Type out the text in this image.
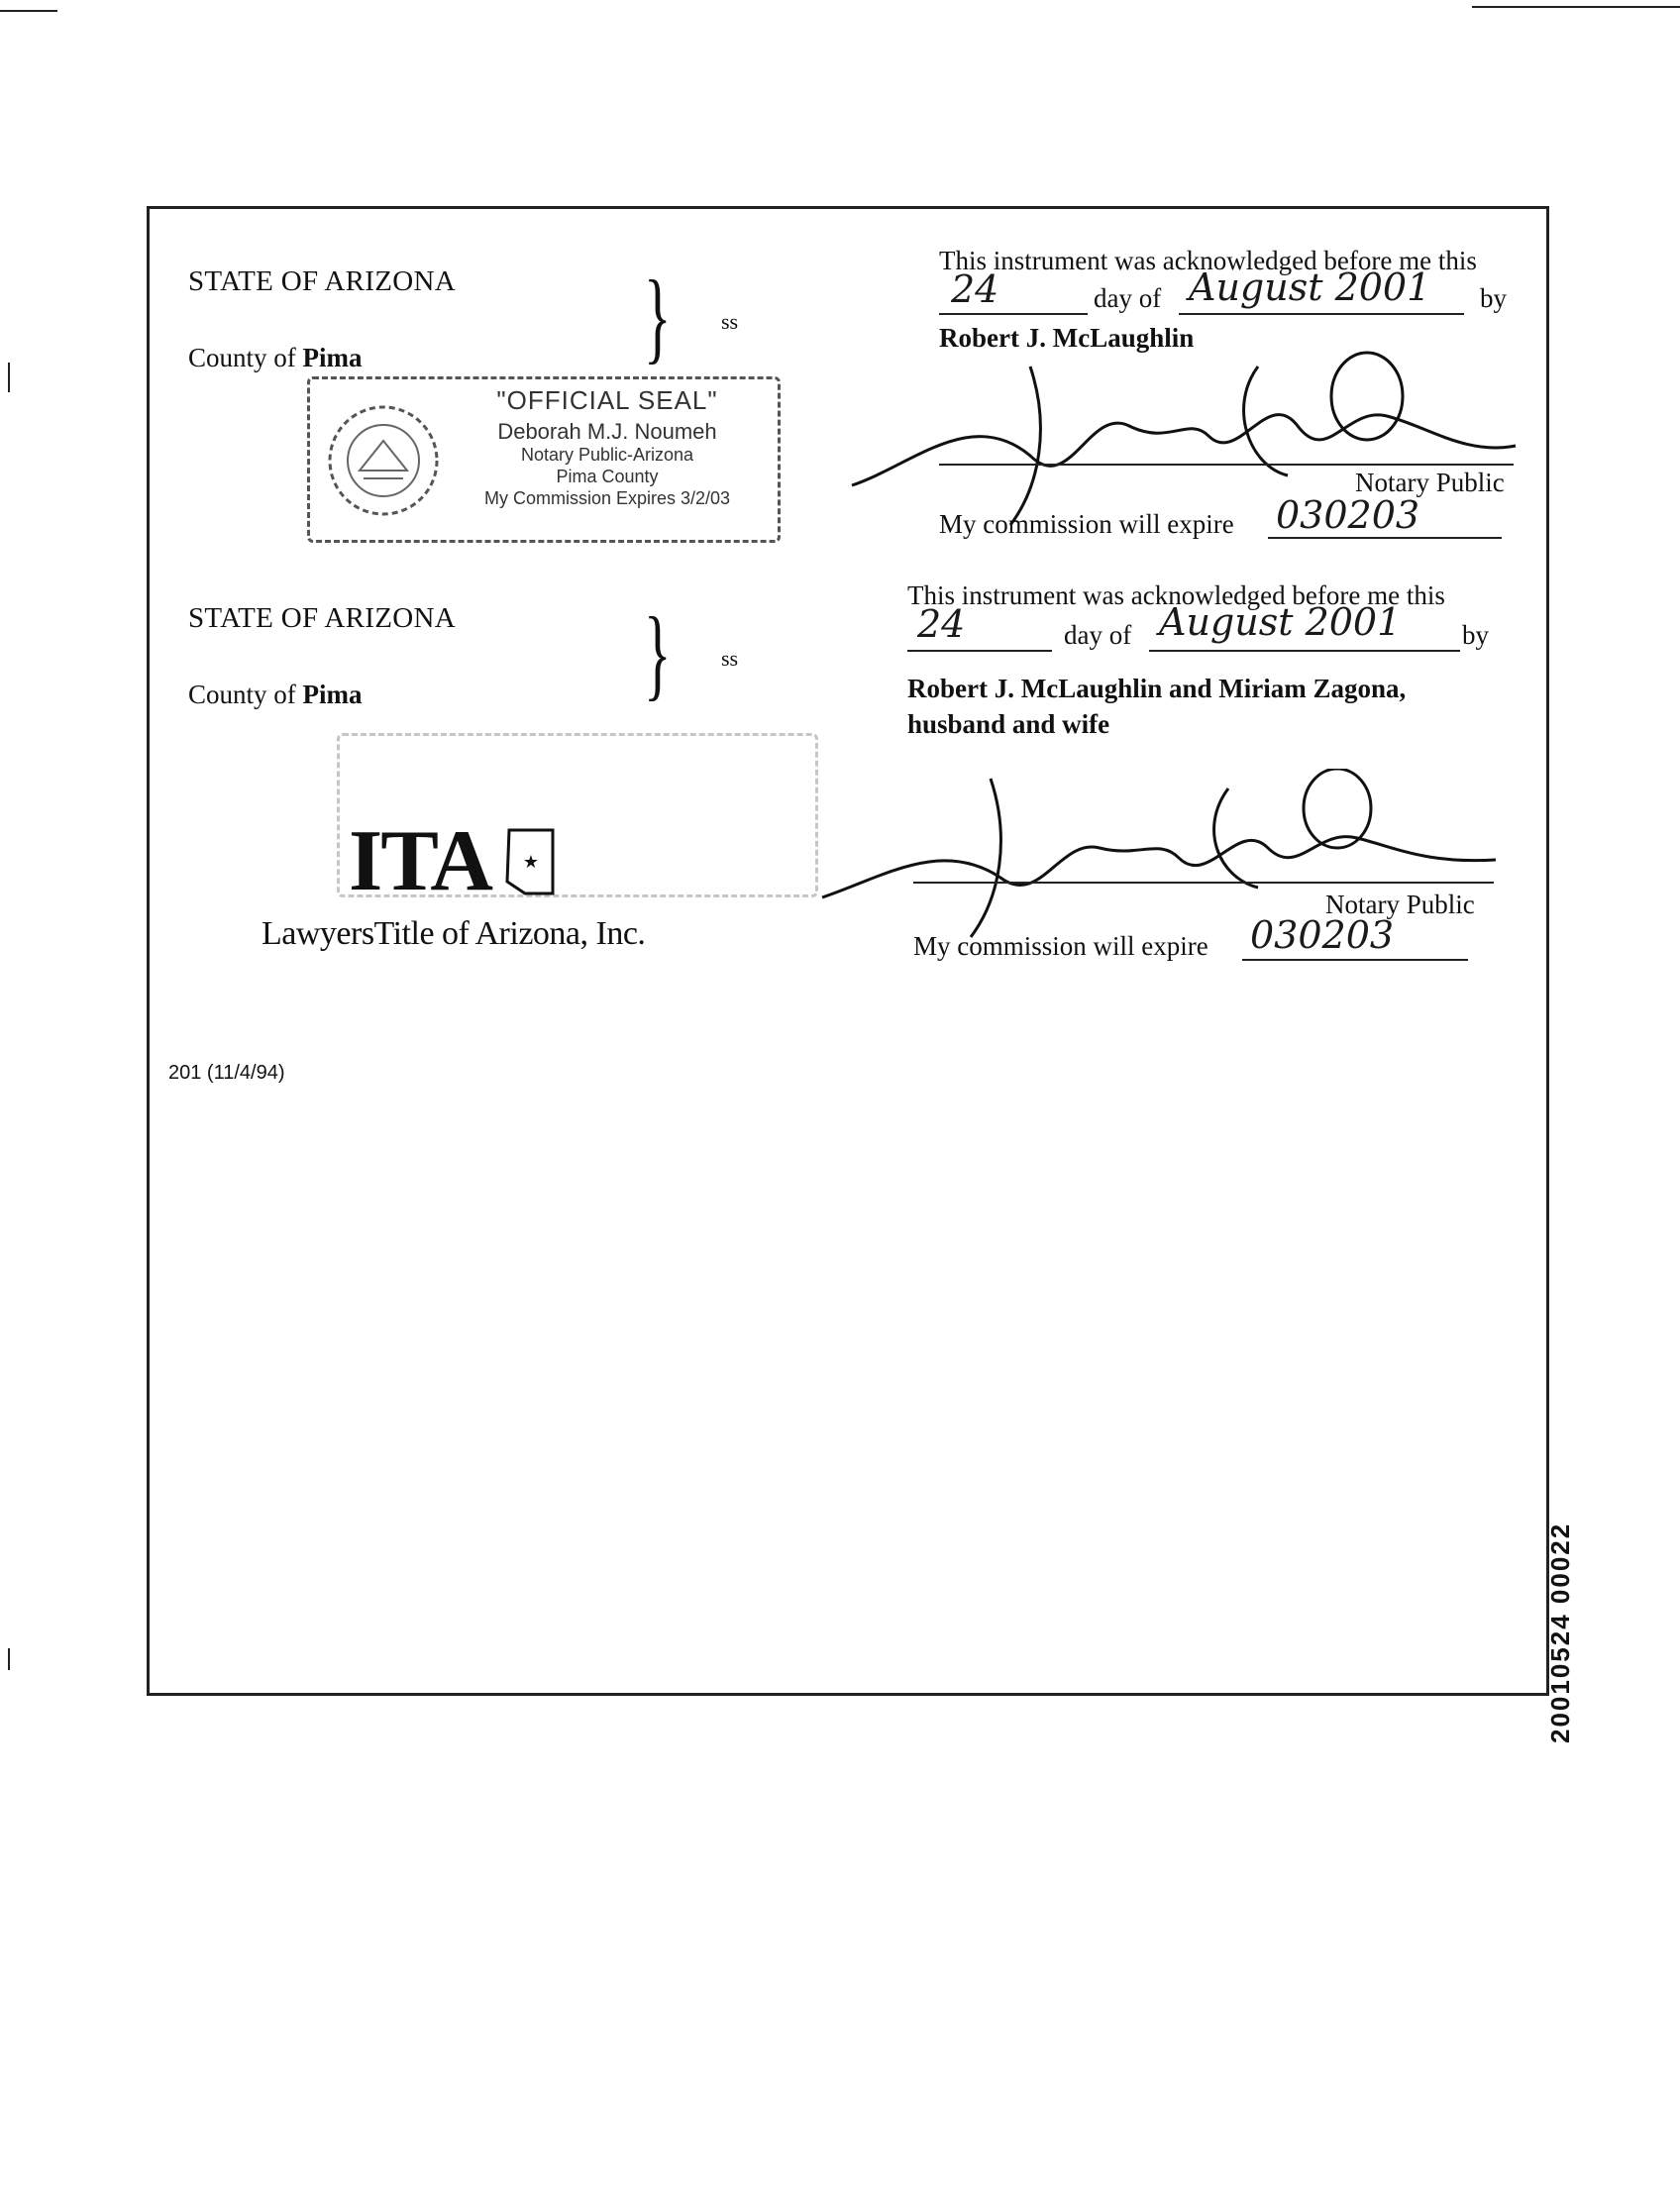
STATE OF ARIZONA } ss
County of Pima
"OFFICIAL SEAL"
Deborah M.J. Noumeh
Notary Public-Arizona
Pima County
My Commission Expires 3/2/03
This instrument was acknowledged before me this
24	day of August 2001 by
Robert J. McLaughlin
Notary Public
My commission will expire 030203
STATE OF ARIZONA } ss
County of Pima
ITA ★
LawyersTitle of Arizona, Inc.
This instrument was acknowledged before me this
24	day of August 2001 by
Robert J. McLaughlin and Miriam Zagona,
husband and wife
Notary Public
My commission will expire 030203
201 (11/4/94)
20010524 00022
